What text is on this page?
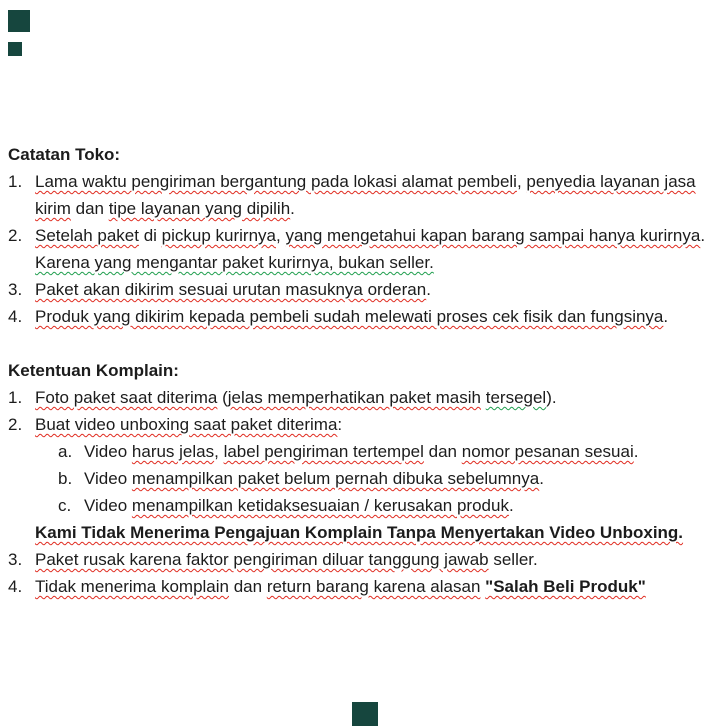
Catatan Toko:
1. Lama waktu pengiriman bergantung pada lokasi alamat pembeli, penyedia layanan jasa kirim dan tipe layanan yang dipilih.
2. Setelah paket di pickup kurirnya, yang mengetahui kapan barang sampai hanya kurirnya. Karena yang mengantar paket kurirnya, bukan seller.
3. Paket akan dikirim sesuai urutan masuknya orderan.
4. Produk yang dikirim kepada pembeli sudah melewati proses cek fisik dan fungsinya.
Ketentuan Komplain:
1. Foto paket saat diterima (jelas memperhatikan paket masih tersegel).
2. Buat video unboxing saat paket diterima:
a. Video harus jelas, label pengiriman tertempel dan nomor pesanan sesuai.
b. Video menampilkan paket belum pernah dibuka sebelumnya.
c. Video menampilkan ketidaksesuaian / kerusakan produk.
Kami Tidak Menerima Pengajuan Komplain Tanpa Menyertakan Video Unboxing.
3. Paket rusak karena faktor pengiriman diluar tanggung jawab seller.
4. Tidak menerima komplain dan return barang karena alasan "Salah Beli Produk"
